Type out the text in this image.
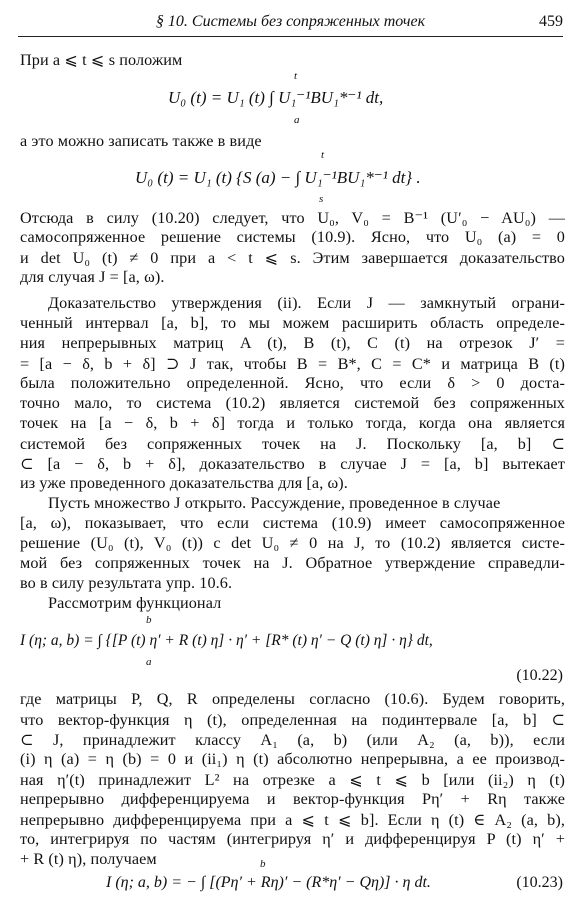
§ 10. Системы без сопряженных точек	459
При a ⩽ t ⩽ s положим
U₀ (t) = U₁ (t) ∫ U₁⁻¹BU₁*⁻¹ dt,
t
a
а это можно записать также в виде
U₀ (t) = U₁ (t) {S (a) − ∫ U₁⁻¹BU₁*⁻¹ dt} .
t
s
Отсюда в силу (10.20) следует, что U₀, V₀ = B⁻¹ (U′₀ − AU₀) —
самосопряженное решение системы (10.9). Ясно, что U₀ (a) = 0
и det U₀ (t) ≠ 0 при a < t ⩽ s. Этим завершается доказательство
для случая J = [a, ω).
Доказательство утверждения (ii). Если J — замкнутый ограни-
ченный интервал [a, b], то мы можем расширить область определе-
ния непрерывных матриц A (t), B (t), C (t) на отрезок J′ =
= [a − δ, b + δ] ⊃ J так, чтобы B = B*, C = C* и матрица B (t)
была положительно определенной. Ясно, что если δ > 0 доста-
точно мало, то система (10.2) является системой без сопряженных
точек на [a − δ, b + δ] тогда и только тогда, когда она является
системой без сопряженных точек на J. Поскольку [a, b] ⊂
⊂ [a − δ, b + δ], доказательство в случае J = [a, b] вытекает
из уже проведенного доказательства для [a, ω).
Пусть множество J открыто. Рассуждение, проведенное в случае
[a, ω), показывает, что если система (10.9) имеет самосопряженное
решение (U₀ (t), V₀ (t)) с det U₀ ≠ 0 на J, то (10.2) является систе-
мой без сопряженных точек на J. Обратное утверждение справедли-
во в силу результата упр. 10.6.
Рассмотрим функционал
I (η; a, b) = ∫ {[P (t) η′ + R (t) η] · η′ + [R* (t) η′ − Q (t) η] · η} dt,
b
a
(10.22)
где матрицы P, Q, R определены согласно (10.6). Будем говорить,
что вектор-функция η (t), определенная на подинтервале [a, b] ⊂
⊂ J, принадлежит классу A₁ (a, b) (или A₂ (a, b)), если
(i) η (a) = η (b) = 0 и (ii₁) η (t) абсолютно непрерывна, а ее производ-
ная η′(t) принадлежит L² на отрезке a ⩽ t ⩽ b [или (ii₂) η (t)
непрерывно дифференцируема и вектор-функция Pη′ + Rη также
непрерывно дифференцируема при a ⩽ t ⩽ b]. Если η (t) ∈ A₂ (a, b),
то, интегрируя по частям (интегрируя η′ и дифференцируя P (t) η′ +
+ R (t) η), получаем
I (η; a, b) = − ∫ [(Pη′ + Rη)′ − (R*η′ − Qη)] · η dt.
b
(10.23)
